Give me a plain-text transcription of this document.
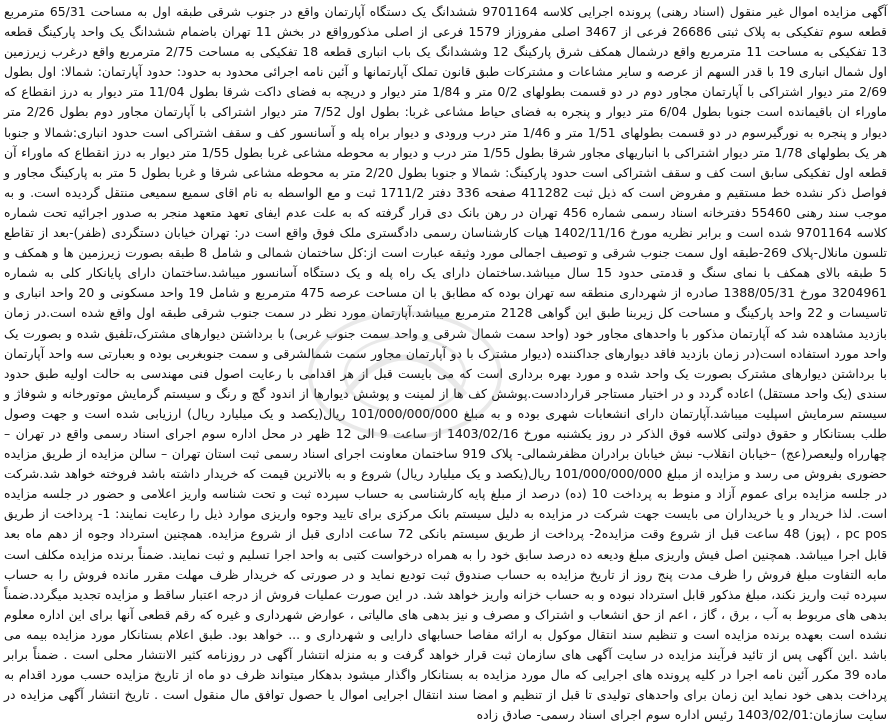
آگهی مزایده اموال غیر منقول (اسناد رهنی) پرونده اجرایی کلاسه 9701164 ششدانگ یک دستگاه آپارتمان واقع در جنوب شرقی طبقه اول به مساحت 65/31 مترمربع قطعه سوم تفکیکی به پلاک ثبتی 26686 فرعی از 3467 اصلی مفروزاز 1579 فرعی از اصلی مذکورواقع در بخش 11 تهران باضمام ششدانگ یک واحد پارکینگ قطعه 13 تفکیکی به مساحت 11 مترمربع واقع درشمال همکف شرق پارکینگ 12 وششدانگ یک باب انباری قطعه 18 تفکیکی به مساحت 2/75 مترمربع واقع درغرب زیرزمین اول شمال انباری 19 با قدر السهم از عرصه و سایر مشاعات و مشترکات طبق قانون تملک آپارتمانها و آئین نامه اجرائی محدود به حدود: حدود آپارتمان: شمالا: اول بطول 2/69 متر دیوار اشتراکی با آپارتمان مجاور دوم در دو قسمت بطولهای 0/2 متر و 1/84 متر دیوار و دریچه به فضای داکت شرقا بطول 11/04 متر دیوار به درز انقطاع که ماوراء ان باقیمانده است جنوبا بطول 6/04 متر دیوار و پنجره به فضای حیاط مشاعی غربا: بطول اول 7/52 متر دیوار اشتراکی با آپارتمان مجاور دوم بطول 2/26 متر دیوار و پنجره به نورگیرسوم در دو قسمت بطولهای 1/51 متر و 1/46 متر درب ورودی و دیوار براه پله و آسانسور کف و سقف اشتراکی است حدود انباری:شمالا و جنوبا هر یک بطولهای 1/78 متر دیوار اشتراکی با انباریهای مجاور شرقا بطول 1/55 متر درب و دیوار به محوطه مشاعی غربا بطول 1/55 متر دیوار به درز انقطاع که ماوراء آن قطعه اول تفکیکی سابق است کف و سقف اشتراکی است حدود پارکینگ: شمالا و جنوبا بطول 2/20 متر به محوطه مشاعی شرقا و غربا بطول 5 متر به پارکینگ مجاور و فواصل ذکر نشده خط مستقیم و مفروض است که ذیل ثبت 411282 صفحه 336 دفتر 1711/2 ثبت و مع الواسطه به نام اقای سمیع سمیعی منتقل گردیده است. و به موجب سند رهنی 55460 دفترخانه اسناد رسمی شماره 456 تهران در رهن بانک دی قرار گرفته که به علت عدم ایفای تعهد متعهد منجر به صدور اجرائیه تحت شماره کلاسه 9701164 شده است و برابر نظریه مورخ 1402/11/16 هیات کارشناسان رسمی دادگستری ملک فوق واقع است در: تهران خیابان دستگردی (ظفر)-بعد از تقاطع تلسون مانلال-پلاک 269-طبقه اول سمت جنوب شرقی و توصیف اجمالی مورد وثیقه عبارت است از:کل ساختمان شمالی و شامل 8 طبقه بصورت زیرزمین ها و همکف و 5 طبقه بالای همکف با نمای سنگ و قدمتی حدود 15 سال میباشد.ساختمان دارای یک راه پله و یک دستگاه آسانسور میباشد.ساختمان دارای پایانکار کلی به شماره 3204961 مورخ 1388/05/31 صادره از شهرداری منطقه سه تهران بوده که مطابق با ان مساحت عرصه 475 مترمربع و شامل 19 واحد مسکونی و 20 واحد انباری و تاسیسات و 22 واحد پارکینگ و مساحت کل زیربنا طبق این گواهی 2128 مترمربع میباشد.آپارتمان مورد نظر در سمت جنوب شرقی طبقه اول واقع شده است.در زمان بازدید مشاهده شد که آپارتمان مذکور با واحدهای مجاور خود (واحد سمت شمال شرقی و واحد سمت جنوب غربی) با برداشتن دیوارهای مشترک،تلفیق شده و بصورت یک واحد مورد استفاده است(در زمان بازدید فاقد دیوارهای جداکننده (دیوار مشترک با دو آپارتمان مجاور سمت شمالشرقی و سمت جنوبغربی بوده و بعبارتی سه واحد آپارتمان با برداشتن دیوارهای مشترک بصورت یک واحد شده و مورد بهره برداری است که می بایست قبل از هر اقدامی با رعایت اصول فنی مهندسی به حالت اولیه طبق حدود سندی (یک واحد مستقل) اعاده گردد و در اختیار مستاجر قراردادست.پوشش کف ها از لمینت و پوشش دیوارها از اندود گچ و رنگ و سیستم گرمایش موتورخانه و شوفاژ و سیستم سرمایش اسپلیت میباشد.آپارتمان دارای انشعابات شهری بوده و به مبلغ 101/000/000/000 ریال(یکصد و یک میلیارد ریال) ارزیابی شده است و جهت وصول طلب بستانکار و حقوق دولتی کلاسه فوق الذکر در روز یکشنبه مورخ 1403/02/16 از ساعت 9 الی 12 ظهر در محل اداره سوم اجرای اسناد رسمی واقع در تهران – چهارراه ولیعصر(عج) –خیابان انقلاب- نبش خیابان برادران مظفرشمالی- پلاک 919 ساختمان معاونت اجرای اسناد رسمی ثبت استان تهران – سالن مزایده از طریق مزایده حضوری بفروش می رسد و مزایده از مبلغ 101/000/000/000 ریال(یکصد و یک میلیارد ریال) شروع و به بالاترین قیمت که خریدار داشته باشد فروخته خواهد شد.شرکت در جلسه مزایده برای عموم آزاد و منوط به پرداخت 10 (ده) درصد از مبلغ پایه کارشناسی به حساب سپرده ثبت و تحت شناسه واریز اعلامی و حضور در جلسه مزایده است. لذا خریدار و یا خریداران می بایست جهت شرکت در مزایده به دلیل سیستم بانک مرکزی برای تایید وجوه واریزی موارد ذیل را رعایت نمایند: 1- پرداخت از طریق pc pos ، (پوز) 48 ساعت قبل از شروع وقت مزایده2- پرداخت از طریق سیستم بانکی 72 ساعت اداری قبل از شروع مزایده. همچنین استرداد وجوه از دهم ماه بعد قابل اجرا میباشد. همچنین اصل فیش واریزی مبلغ ودیعه ده درصد سابق خود را به همراه درخواست کتبی به واحد اجرا تسلیم و ثبت نمایند. ضمناً برنده مزایده مکلف است مابه التفاوت مبلغ فروش را ظرف مدت پنج روز از تاریخ مزایده به حساب صندوق ثبت تودیع نماید و در صورتی که خریدار ظرف مهلت مقرر مانده فروش را به حساب سپرده ثبت واریز نکند، مبلغ مذکور قابل استرداد نبوده و به حساب خزانه واریز خواهد شد. در این صورت عملیات فروش از درجه اعتبار ساقط و مزایده تجدید میگردد.ضمناً بدهی های مربوط به آب ، برق ، گاز ، اعم از حق انشعاب و اشتراک و مصرف و نیز بدهی های مالیاتی ، عوارض شهرداری و غیره که رقم قطعی آنها برای این اداره معلوم نشده است بعهده برنده مزایده است و تنظیم سند انتقال موکول به ارائه مفاصا حسابهای دارایی و شهرداری و ... خواهد بود. طبق اعلام بستانکار مورد مزایده بیمه می باشد .این آگهی پس از تائید فرآیند مزایده در سایت آگهی های سازمان ثبت قرار خواهد گرفت و به منزله انتشار آگهی در روزنامه کثیر الانتشار محلی است . ضمناً برابر ماده 39 مکرر آئین نامه اجرا در کلیه پرونده های اجرایی که مال مورد مزایده به بستانکار واگذار میشود بدهکار میتواند ظرف دو ماه از تاریخ مزایده حسب مورد اقدام به پرداخت بدهی خود نماید این زمان برای واحدهای تولیدی تا قبل از تنظیم و امضا سند انتقال اجرایی اموال یا حصول توافق مال منقول است . تاریخ انتشار آگهی مزایده در سایت سازمان:1403/02/01 رئیس اداره سوم اجرای اسناد رسمی- صادق زاده
